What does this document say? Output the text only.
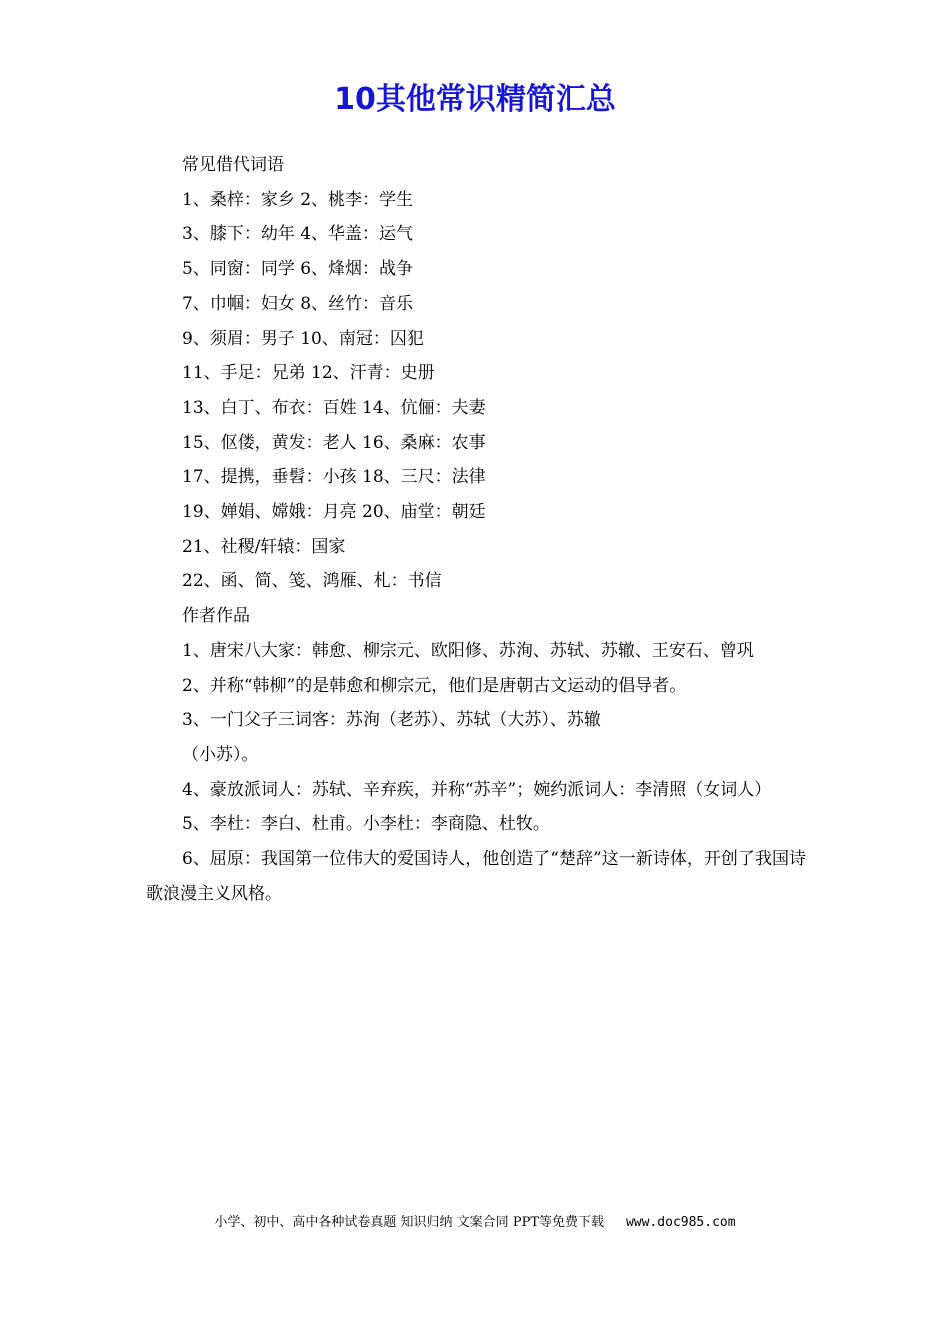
10其他常识精简汇总

常见借代词语

1、桑梓：家乡 2、桃李：学生

3、膝下：幼年 4、华盖：运气

5、同窗：同学 6、烽烟：战争

7、巾帼：妇女 8、丝竹：音乐

9、须眉：男子 10、南冠：囚犯

11、手足：兄弟 12、汗青：史册

13、白丁、布衣：百姓 14、伉俪：夫妻

15、伛偻，黄发：老人 16、桑麻：农事

17、提携，垂髫：小孩 18、三尺：法律

19、婵娟、嫦娥：月亮 20、庙堂：朝廷

21、社稷/轩辕：国家

22、函、简、笺、鸿雁、札：书信

作者作品

1、唐宋八大家：韩愈、柳宗元、欧阳修、苏洵、苏轼、苏辙、王安石、曾巩

2、并称“韩柳”的是韩愈和柳宗元，他们是唐朝古文运动的倡导者。

3、一门父子三词客：苏洵（老苏）、苏轼（大苏）、苏辙

（小苏）。

4、豪放派词人：苏轼、辛弃疾，并称“苏辛”；婉约派词人：李清照（女词人）

5、李杜：李白、杜甫。小李杜：李商隐、杜牧。

6、屈原：我国第一位伟大的爱国诗人，他创造了“楚辞”这一新诗体，开创了我国诗歌浪漫主义风格。

小学、初中、高中各种试卷真题 知识归纳 文案合同 PPT等免费下载 www.doc985.com
